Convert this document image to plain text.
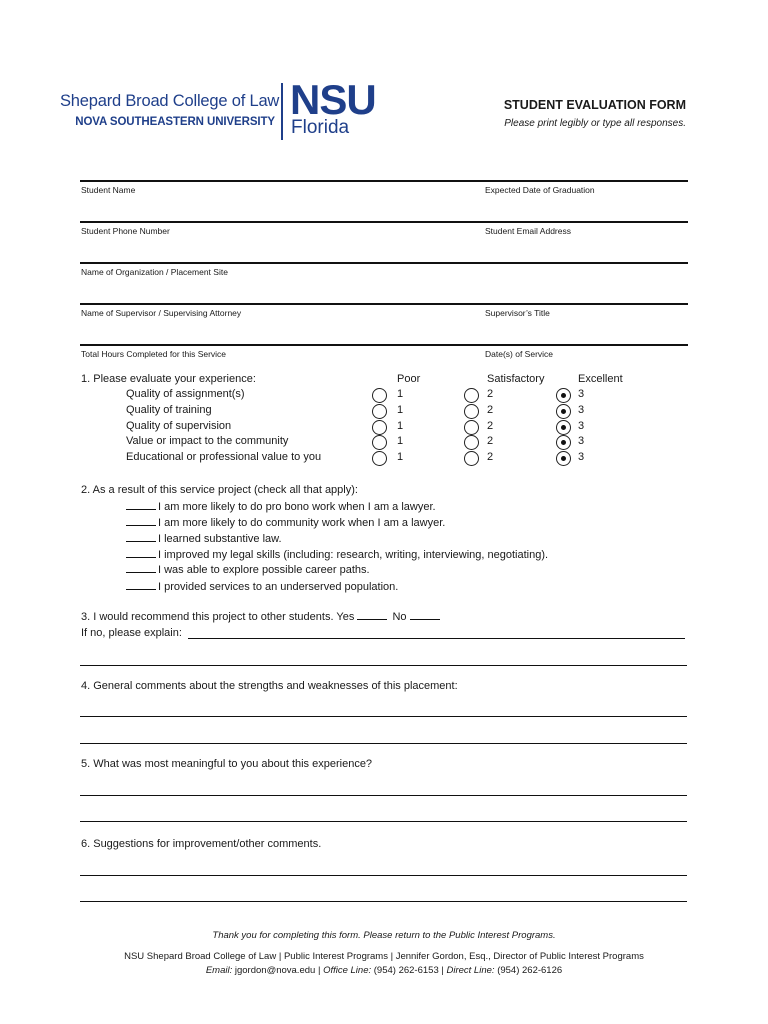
Shepard Broad College of Law
NOVA SOUTHEASTERN UNIVERSITY NSU
Florida
STUDENT EVALUATION FORM
Please print legibly or type all responses.
Student Name	Expected Date of Graduation
Student Phone Number	Student Email Address
Name of Organization / Placement Site
Name of Supervisor / Supervising Attorney	Supervisor’s Title
Total Hours Completed for this Service	Date(s) of Service
1. Please evaluate your experience:	Poor	Satisfactory	Excellent
Quality of assignment(s)	1	2	3
Quality of training	1	2	3
Quality of supervision	1	2	3
Value or impact to the community	1	2	3
Educational or professional value to you	1	2	3
2. As a result of this service project (check all that apply):
I am more likely to do pro bono work when I am a lawyer.
I am more likely to do community work when I am a lawyer.
I learned substantive law.
I improved my legal skills (including: research, writing, interviewing, negotiating).
I was able to explore possible career paths.
I provided services to an underserved population.
3. I would recommend this project to other students. Yes	No
If no, please explain:
4. General comments about the strengths and weaknesses of this placement:
5. What was most meaningful to you about this experience?
6. Suggestions for improvement/other comments.
Thank you for completing this form. Please return to the Public Interest Programs.
NSU Shepard Broad College of Law | Public Interest Programs | Jennifer Gordon, Esq., Director of Public Interest Programs
Email: jgordon@nova.edu | Office Line: (954) 262-6153 | Direct Line: (954) 262-6126
